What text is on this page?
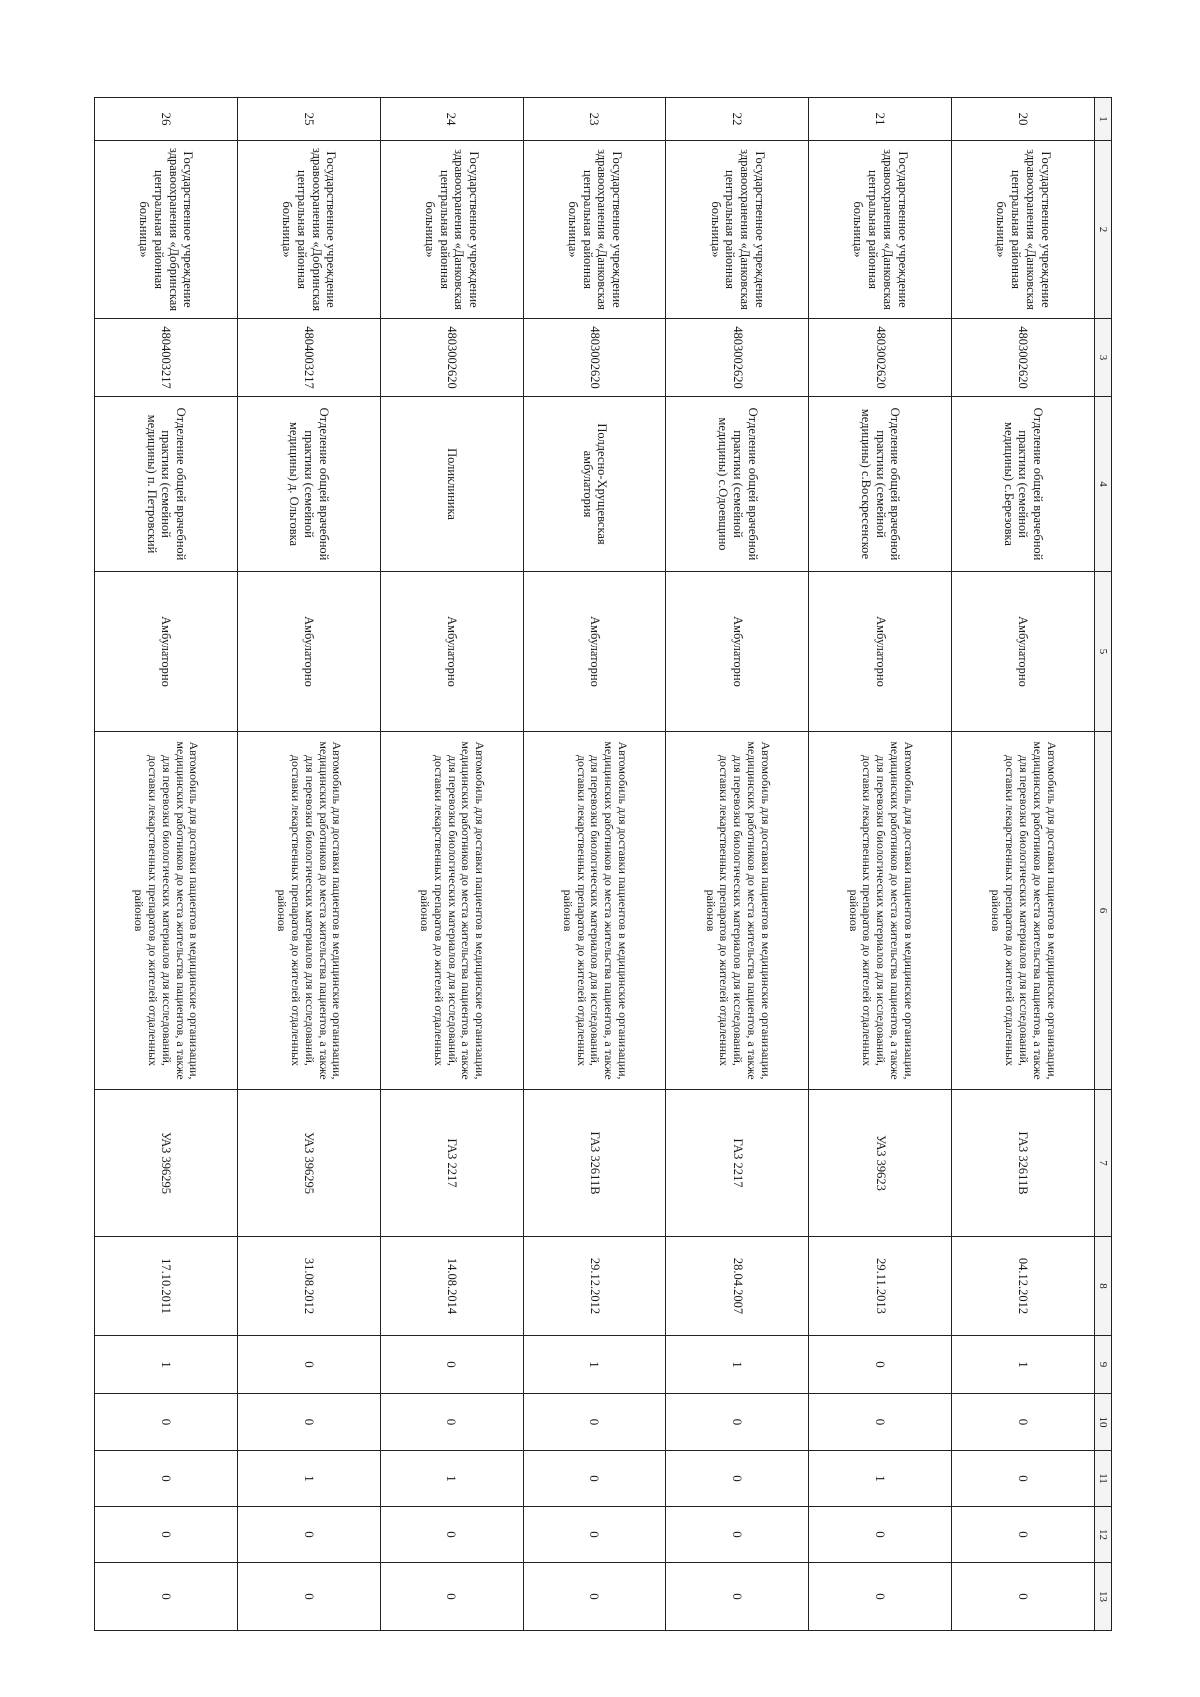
1	2	3	4	5	6	7	8	9	10	11	12	13
20	Государственное учреждение здравоохранения «Данковская центральная районная больница»	4803002620	Отделение общей врачебной практики (семейной медицины) с.Березовка	Амбулаторно	Автомобиль для доставки пациентов в медицинские организации, медицинских работников до места жительства пациентов, а также для перевозки биологических материалов для исследований, доставки лекарственных препаратов до жителей отдаленных районов	ГАЗ 32611В	04.12.2012	1	0	0	0	0
21	Государственное учреждение здравоохранения «Данковская центральная районная больница»	4803002620	Отделение общей врачебной практики (семейной медицины) с.Воскресенское	Амбулаторно	Автомобиль для доставки пациентов в медицинские организации, медицинских работников до места жительства пациентов, а также для перевозки биологических материалов для исследований, доставки лекарственных препаратов до жителей отдаленных районов	УАЗ 39623	29.11.2013	0	0	1	0	0
22	Государственное учреждение здравоохранения «Данковская центральная районная больница»	4803002620	Отделение общей врачебной практики (семейной медицины) с.Одоевщино	Амбулаторно	Автомобиль для доставки пациентов в медицинские организации, медицинских работников до места жительства пациентов, а также для перевозки биологических материалов для исследований, доставки лекарственных препаратов до жителей отдаленных районов	ГАЗ 2217	28.04.2007	1	0	0	0	0
23	Государственное учреждение здравоохранения «Данковская центральная районная больница»	4803002620	Полдесно-Хрущевская амбулатория	Амбулаторно	Автомобиль для доставки пациентов в медицинские организации, медицинских работников до места жительства пациентов, а также для перевозки биологических материалов для исследований, доставки лекарственных препаратов до жителей отдаленных районов	ГАЗ 32611В	29.12.2012	1	0	0	0	0
24	Государственное учреждение здравоохранения «Данковская центральная районная больница»	4803002620	Поликлиника	Амбулаторно	Автомобиль для доставки пациентов в медицинские организации, медицинских работников до места жительства пациентов, а также для перевозки биологических материалов для исследований, доставки лекарственных препаратов до жителей отдаленных районов	ГАЗ 2217	14.08.2014	0	0	1	0	0
25	Государственное учреждение здравоохранения «Добринская центральная районная больница»	4804003217	Отделение общей врачебной практики (семейной медицины) д. Ольговка	Амбулаторно	Автомобиль для доставки пациентов в медицинские организации, медицинских работников до места жительства пациентов, а также для перевозки биологических материалов для исследований, доставки лекарственных препаратов до жителей отдаленных районов	УАЗ 396295	31.08.2012	0	0	1	0	0
26	Государственное учреждение здравоохранения «Добринская центральная районная больница»	4804003217	Отделение общей врачебной практики (семейной медицины) п. Петровский	Амбулаторно	Автомобиль для доставки пациентов в медицинские организации, медицинских работников до места жительства пациентов, а также для перевозки биологических материалов для исследований, доставки лекарственных препаратов до жителей отдаленных районов	УАЗ 396295	17.10.2011	1	0	0	0	0
